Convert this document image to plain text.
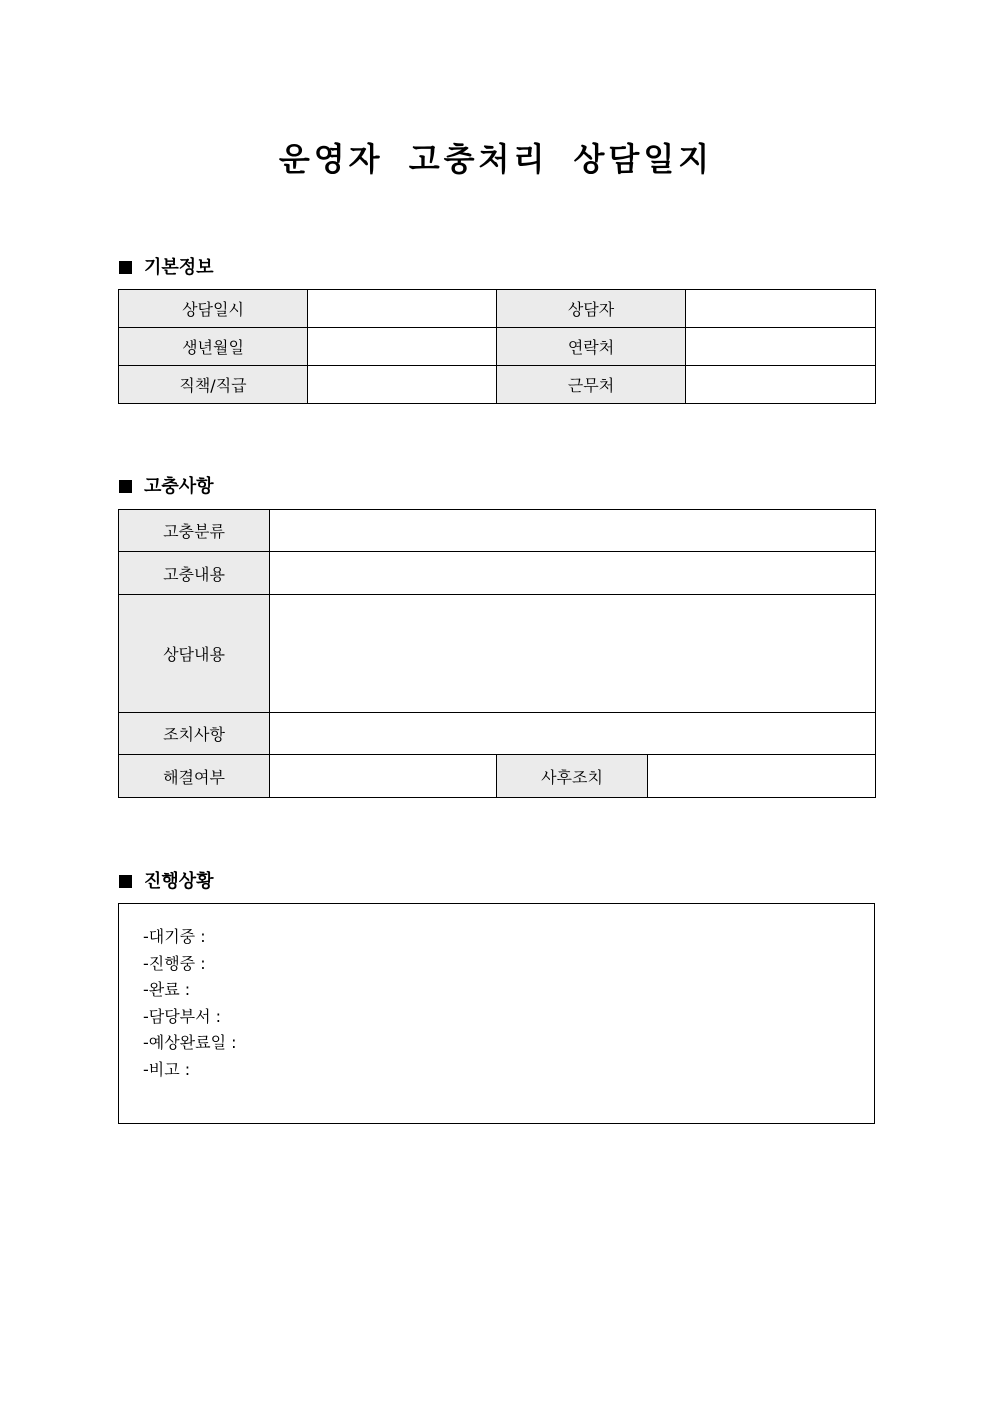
운영자 고충처리 상담일지
기본정보
상담일시		상담자	
생년월일		연락처	
직책/직급		근무처	
고충사항
고충분류			
고충내용			
상담내용			
조치사항			
해결여부		사후조치	
진행상황
-대기중 :
-진행중 :
-완료 :
-담당부서 :
-예상완료일 :
-비고 :
